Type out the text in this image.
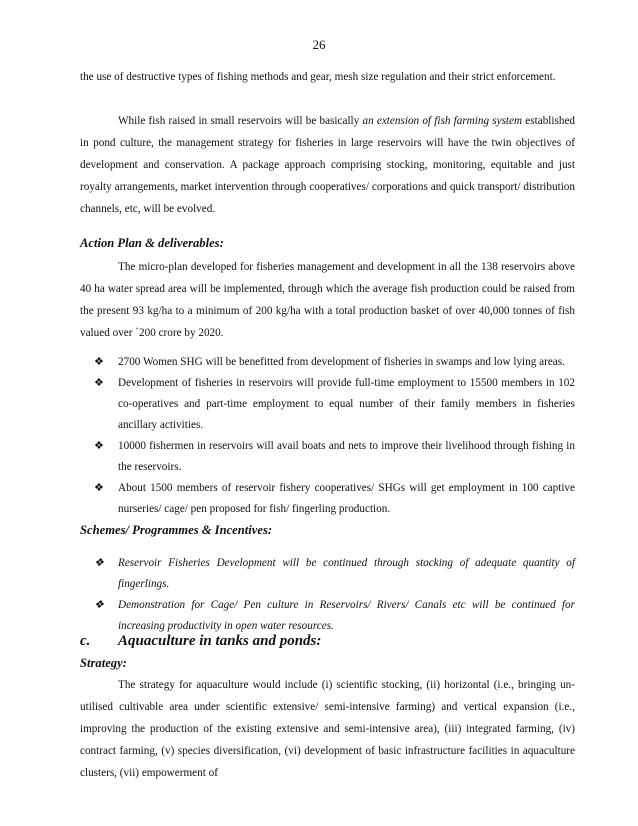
26
the use of destructive types of fishing methods and gear, mesh size regulation and their strict enforcement.
While fish raised in small reservoirs will be basically an extension of fish farming system established in pond culture, the management strategy for fisheries in large reservoirs will have the twin objectives of development and conservation. A package approach comprising stocking, monitoring, equitable and just royalty arrangements, market intervention through cooperatives/ corporations and quick transport/ distribution channels, etc, will be evolved.
Action Plan & deliverables:
The micro-plan developed for fisheries management and development in all the 138 reservoirs above 40 ha water spread area will be implemented, through which the average fish production could be raised from the present 93 kg/ha to a minimum of 200 kg/ha with a total production basket of over 40,000 tonnes of fish valued over `200 crore by 2020.
❖ 2700 Women SHG will be benefitted from development of fisheries in swamps and low lying areas.
❖ Development of fisheries in reservoirs will provide full-time employment to 15500 members in 102 co-operatives and part-time employment to equal number of their family members in fisheries ancillary activities.
❖ 10000 fishermen in reservoirs will avail boats and nets to improve their livelihood through fishing in the reservoirs.
❖ About 1500 members of reservoir fishery cooperatives/ SHGs will get employment in 100 captive nurseries/ cage/ pen proposed for fish/ fingerling production.
Schemes/ Programmes & Incentives:
❖ Reservoir Fisheries Development will be continued through stocking of adequate quantity of fingerlings.
❖ Demonstration for Cage/ Pen culture in Reservoirs/ Rivers/ Canals etc will be continued for increasing productivity in open water resources.
c. Aquaculture in tanks and ponds:
Strategy:
The strategy for aquaculture would include (i) scientific stocking, (ii) horizontal (i.e., bringing un-utilised cultivable area under scientific extensive/ semi-intensive farming) and vertical expansion (i.e., improving the production of the existing extensive and semi-intensive area), (iii) integrated farming, (iv) contract farming, (v) species diversification, (vi) development of basic infrastructure facilities in aquaculture clusters, (vii) empowerment of
